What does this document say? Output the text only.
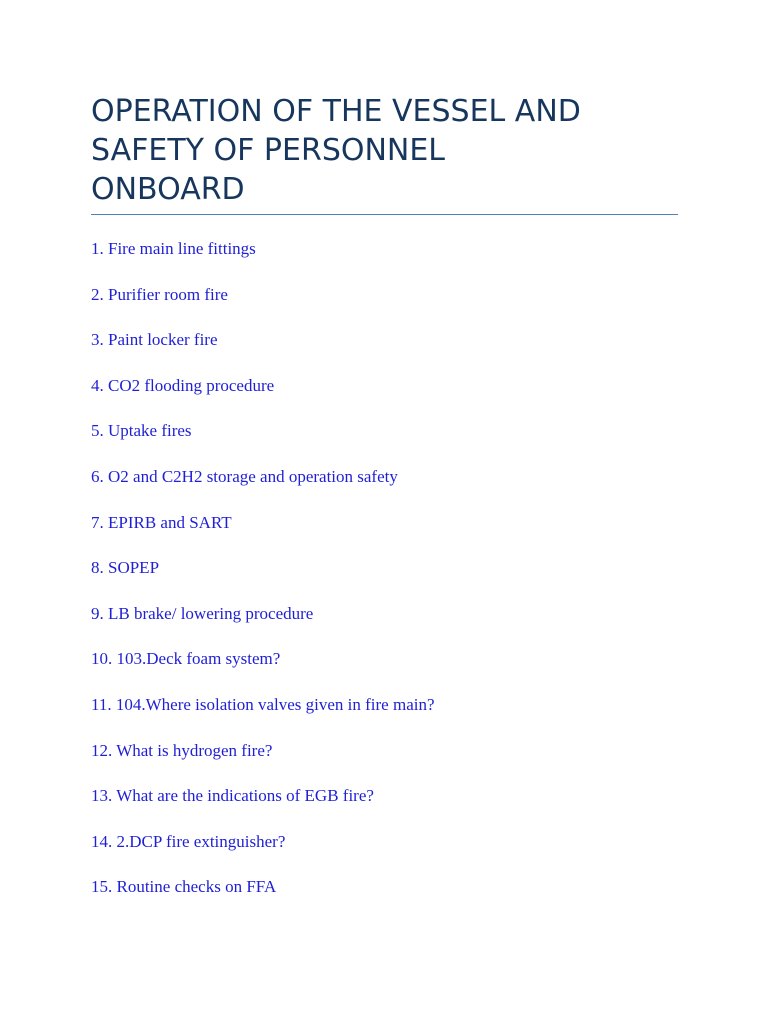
OPERATION OF THE VESSEL AND
SAFETY OF PERSONNEL
ONBOARD
1. Fire main line fittings
2. Purifier room fire
3. Paint locker fire
4. CO2 flooding procedure
5. Uptake fires
6. O2 and C2H2 storage and operation safety
7. EPIRB and SART
8. SOPEP
9. LB brake/ lowering procedure
10. 103.Deck foam system?
11. 104.Where isolation valves given in fire main?
12. What is hydrogen fire?
13. What are the indications of EGB fire?
14. 2.DCP fire extinguisher?
15. Routine checks on FFA
